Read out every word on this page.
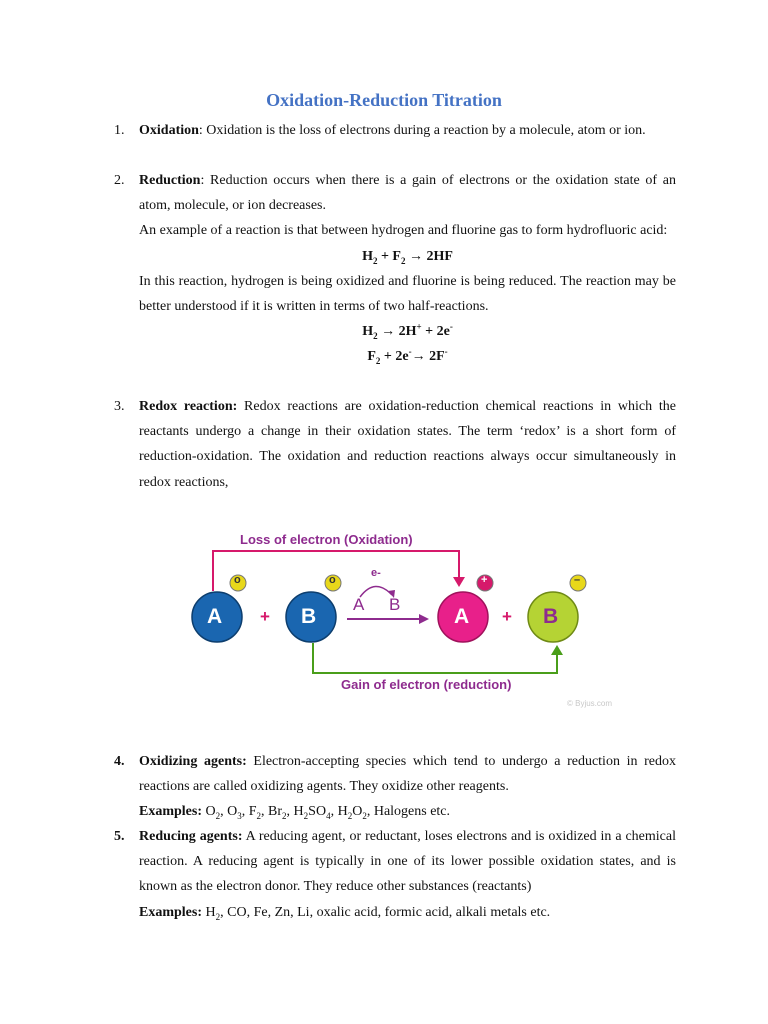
Oxidation-Reduction Titration
1. Oxidation: Oxidation is the loss of electrons during a reaction by a molecule, atom or ion.
2. Reduction: Reduction occurs when there is a gain of electrons or the oxidation state of an atom, molecule, or ion decreases.
An example of a reaction is that between hydrogen and fluorine gas to form hydrofluoric acid:
$H_2 + F_2 \to 2HF$
In this reaction, hydrogen is being oxidized and fluorine is being reduced. The reaction may be better understood if it is written in terms of two half-reactions.
$H_2 \to 2H^+ + 2e^-$
$F_2 + 2e^-\to 2F^-$
3. Redox reaction: Redox reactions are oxidation-reduction chemical reactions in which the reactants undergo a change in their oxidation states. The term ‘redox’ is a short form of reduction-oxidation. The oxidation and reduction reactions always occur simultaneously in redox reactions,
Loss of electron (Oxidation)
Gain of electron (reduction)
e-
A B
A	B	A	B
+	+
o	o	+	–
© Byjus.com
4. Oxidizing agents: Electron-accepting species which tend to undergo a reduction in redox reactions are called oxidizing agents. They oxidize other reagents.
Examples: $O_2$, $O_3$, $F_2$, $Br_2$, $H_2SO_4$, $H_2O_2$, Halogens etc.
5. Reducing agents: A reducing agent, or reductant, loses electrons and is oxidized in a chemical reaction. A reducing agent is typically in one of its lower possible oxidation states, and is known as the electron donor. They reduce other substances (reactants)
Examples: $H_2$, CO, Fe, Zn, Li, oxalic acid, formic acid, alkali metals etc.
